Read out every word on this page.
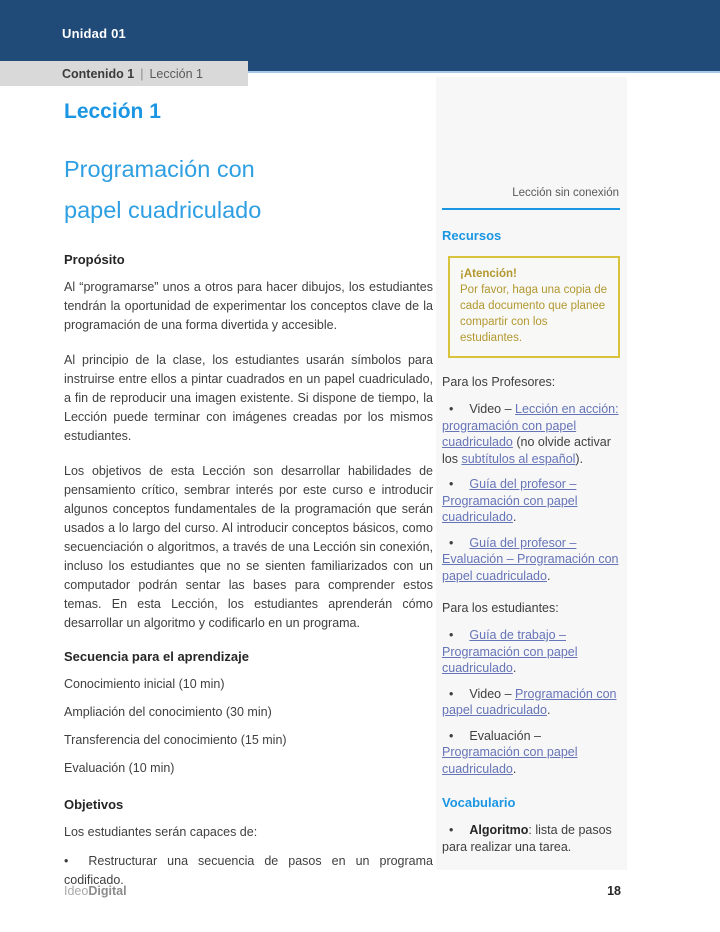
Unidad 01
Contenido 1 | Lección 1
Lección 1
Programación con
papel cuadriculado
Propósito
Al “programarse” unos a otros para hacer dibujos, los estudiantes tendrán la oportunidad de experimentar los conceptos clave de la programación de una forma divertida y accesible.
Al principio de la clase, los estudiantes usarán símbolos para instruirse entre ellos a pintar cuadrados en un papel cuadriculado, a fin de reproducir una imagen existente. Si dispone de tiempo, la Lección puede terminar con imágenes creadas por los mismos estudiantes.
Los objetivos de esta Lección son desarrollar habilidades de pensamiento crítico, sembrar interés por este curso e introducir algunos conceptos fundamentales de la programación que serán usados a lo largo del curso. Al introducir conceptos básicos, como secuenciación o algoritmos, a través de una Lección sin conexión, incluso los estudiantes que no se sienten familiarizados con un computador podrán sentar las bases para comprender estos temas. En esta Lección, los estudiantes aprenderán cómo desarrollar un algoritmo y codificarlo en un programa.
Secuencia para el aprendizaje
Conocimiento inicial (10 min)
Ampliación del conocimiento (30 min)
Transferencia del conocimiento (15 min)
Evaluación (10 min)
Objetivos
Los estudiantes serán capaces de:
• Restructurar una secuencia de pasos en un programa codificado.
Lección sin conexión
Recursos
¡Atención!
Por favor, haga una copia de cada documento que planee compartir con los estudiantes.
Para los Profesores:
• Video – Lección en acción: programación con papel cuadriculado (no olvide activar los subtítulos al español).
• Guía del profesor – Programación con papel cuadriculado.
• Guía del profesor – Evaluación – Programación con papel cuadriculado.
Para los estudiantes:
• Guía de trabajo – Programación con papel cuadriculado.
• Video – Programación con papel cuadriculado.
• Evaluación – Programación con papel cuadriculado.
Vocabulario
• Algoritmo: lista de pasos para realizar una tarea.
IdeoDigital	18
